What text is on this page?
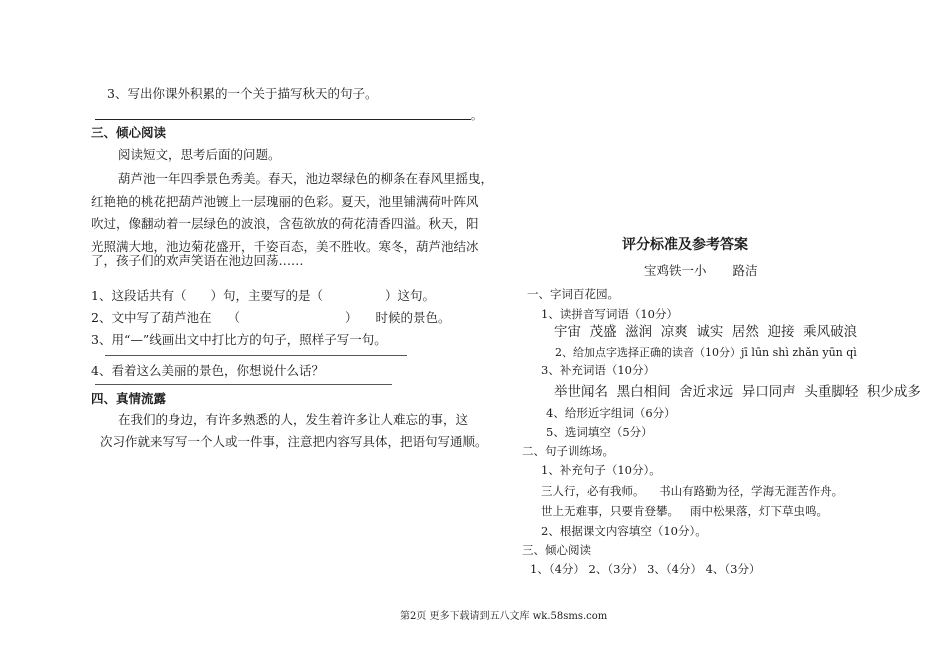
3、写出你课外积累的一个关于描写秋天的句子。

。

三、倾心阅读

阅读短文，思考后面的问题。

葫芦池一年四季景色秀美。春天，池边翠绿色的柳条在春风里摇曳，

红艳艳的桃花把葫芦池镀上一层瑰丽的色彩。夏天，池里铺满荷叶阵风

吹过，像翻动着一层绿色的波浪，含苞欲放的荷花清香四溢。秋天，阳

光照满大地，池边菊花盛开，千姿百态，美不胜收。寒冬，葫芦池结冰

了，孩子们的欢声笑语在池边回荡……

1、这段话共有（ ）句，主要写的是（	）这句。
2、文中写了葫芦池在 （	） 时候的景色。

3、用“—”线画出文中打比方的句子，照样子写一句。

4、看着这么美丽的景色，你想说什么话？

四、真情流露

在我们的身边，有许多熟悉的人，发生着许多让人难忘的事，这

次习作就来写写一个人或一件事，注意把内容写具体，把语句写通顺。

评分标准及参考答案

宝鸡铁一小 路洁

一、字词百花园。

1、读拼音写词语（10分）

宇宙  茂盛  滋润  凉爽  诚实  居然  迎接  乘风破浪

2、给加点字选择正确的读音（10分）jī lūn shì zhǎn yūn qì

3、补充词语（10分）

举世闻名  黑白相间  舍近求远  异口同声  头重脚轻  积少成多

4、给形近字组词（6分）

5、选词填空（5分）

二、句子训练场。

1、补充句子（10分）。

三人行，必有我师。    书山有路勤为径，学海无涯苦作舟。

世上无难事，只要肯登攀。   雨中松果落，灯下草虫鸣。

2、根据课文内容填空（10分）。

三、倾心阅读

1、（4分） 2、（3分） 3、（4分） 4、（3分）

第2页 更多下载请到五八文库 wk.58sms.com
